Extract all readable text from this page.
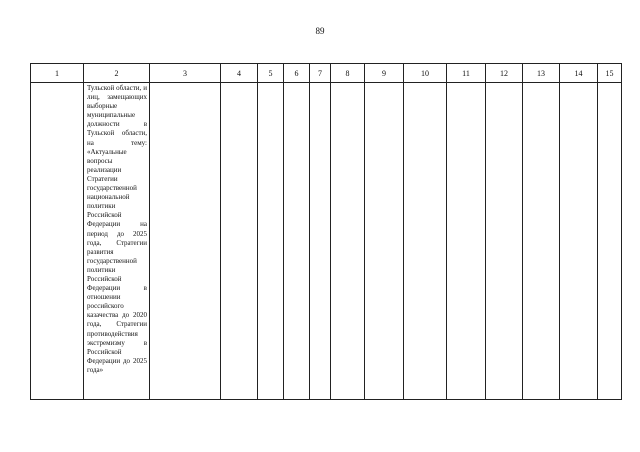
89
1	2	3	4	5	6	7	8	9	10	11	12	13	14	15

	Тульской области, и лиц, замещающих выборные муниципальные должности в Тульской области, на тему: «Актуальные вопросы реализации Стратегии государственной национальной политики Российской Федерации на период до 2025 года, Стратегии развития государственной политики Российской Федерации в отношении российского казачества до 2020 года, Стратегии противодействия экстремизму в Российской Федерации до 2025 года»													
